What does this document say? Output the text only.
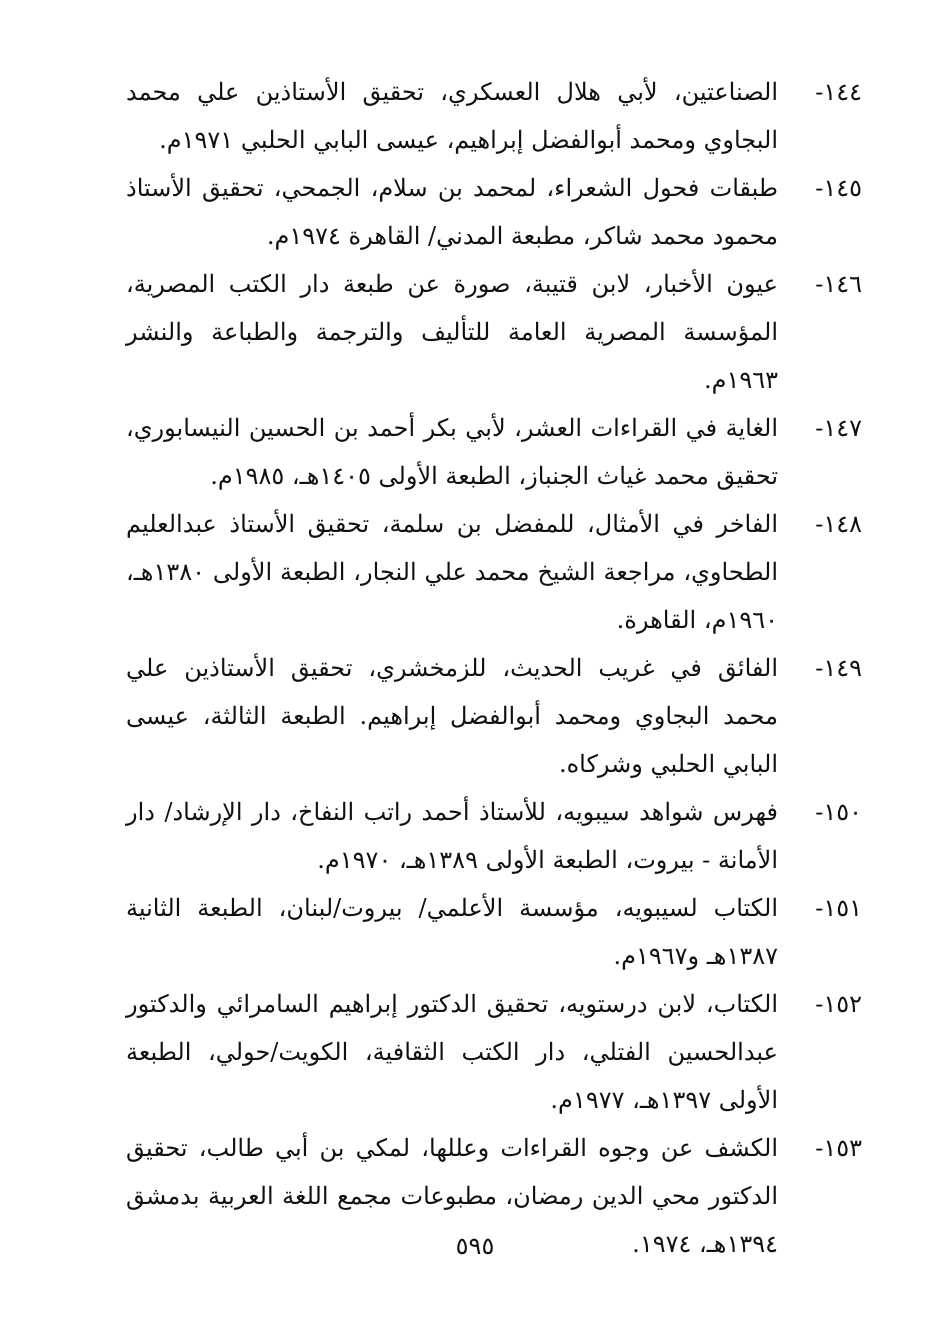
١٤٤-
الصناعتين، لأبي هلال العسكري، تحقيق الأستاذين علي محمد البجاوي ومحمد أبوالفضل إبراهيم، عيسى البابي الحلبي ١٩٧١م.
١٤٥-
طبقات فحول الشعراء، لمحمد بن سلام، الجمحي، تحقيق الأستاذ محمود محمد شاكر، مطبعة المدني/ القاهرة ١٩٧٤م.
١٤٦-
عيون الأخبار، لابن قتيبة، صورة عن طبعة دار الكتب المصرية، المؤسسة المصرية العامة للتأليف والترجمة والطباعة والنشر ١٩٦٣م.
١٤٧-
الغاية في القراءات العشر، لأبي بكر أحمد بن الحسين النيسابوري، تحقيق محمد غياث الجنباز، الطبعة الأولى ١٤٠٥هـ، ١٩٨٥م.
١٤٨-
الفاخر في الأمثال، للمفضل بن سلمة، تحقيق الأستاذ عبدالعليم الطحاوي، مراجعة الشيخ محمد علي النجار، الطبعة الأولى ١٣٨٠هـ، ١٩٦٠م، القاهرة.
١٤٩-
الفائق في غريب الحديث، للزمخشري، تحقيق الأستاذين علي محمد البجاوي ومحمد أبوالفضل إبراهيم. الطبعة الثالثة، عيسى البابي الحلبي وشركاه.
١٥٠-
فهرس شواهد سيبويه، للأستاذ أحمد راتب النفاخ، دار الإرشاد/ دار الأمانة - بيروت، الطبعة الأولى ١٣٨٩هـ، ١٩٧٠م.
١٥١-
الكتاب لسيبويه، مؤسسة الأعلمي/ بيروت/لبنان، الطبعة الثانية ١٣٨٧هـ و١٩٦٧م.
١٥٢-
الكتاب، لابن درستويه، تحقيق الدكتور إبراهيم السامرائي والدكتور عبدالحسين الفتلي، دار الكتب الثقافية، الكويت/حولي، الطبعة الأولى ١٣٩٧هـ، ١٩٧٧م.
١٥٣-
الكشف عن وجوه القراءات وعللها، لمكي بن أبي طالب، تحقيق الدكتور محي الدين رمضان، مطبوعات مجمع اللغة العربية بدمشق ١٣٩٤هـ، ١٩٧٤.
٥٩٥
